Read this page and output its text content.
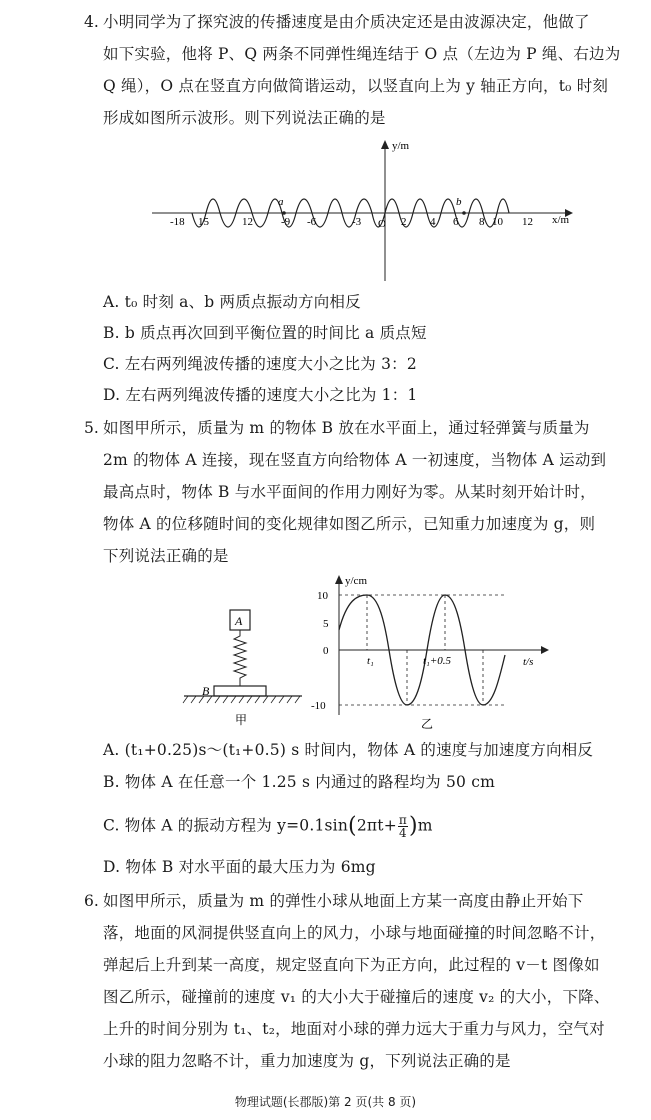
4. 小明同学为了探究波的传播速度是由介质决定还是由波源决定，他做了
如下实验，他将 P、Q 两条不同弹性绳连结于 O 点（左边为 P 绳、右边为
Q 绳），O 点在竖直方向做简谐运动，以竖直向上为 y 轴正方向，t₀ 时刻
形成如图所示波形。则下列说法正确的是
y/m
x/m
a	b
O
-18 15	12	-9 -6	-3	2 4 6 8 10 12
A. t₀ 时刻 a、b 两质点振动方向相反
B. b 质点再次回到平衡位置的时间比 a 质点短
C. 左右两列绳波传播的速度大小之比为 3：2
D. 左右两列绳波传播的速度大小之比为 1：1
5. 如图甲所示，质量为 m 的物体 B 放在水平面上，通过轻弹簧与质量为
2m 的物体 A 连接，现在竖直方向给物体 A 一初速度，当物体 A 运动到
最高点时，物体 B 与水平面间的作用力刚好为零。从某时刻开始计时，
物体 A 的位移随时间的变化规律如图乙所示，已知重力加速度为 g，则
下列说法正确的是
A
B
甲
y/cm
t/s
10
5
0
-10
t₁	t₁+0.5
乙
A. (t₁+0.25)s～(t₁+0.5) s 时间内，物体 A 的速度与加速度方向相反
B. 物体 A 在任意一个 1.25 s 内通过的路程均为 50 cm
C. 物体 A 的振动方程为 $y=0.1\sin(2\pi t+ \frac{\pi}{4} )m$
D. 物体 B 对水平面的最大压力为 6mg
6. 如图甲所示，质量为 m 的弹性小球从地面上方某一高度由静止开始下
落，地面的风洞提供竖直向上的风力，小球与地面碰撞的时间忽略不计，
弹起后上升到某一高度，规定竖直向下为正方向，此过程的 v－t 图像如
图乙所示，碰撞前的速度 v₁ 的大小大于碰撞后的速度 v₂ 的大小，下降、
上升的时间分别为 t₁、t₂，地面对小球的弹力远大于重力与风力，空气对
小球的阻力忽略不计，重力加速度为 g，下列说法正确的是
物理试题(长郡版)第 2 页(共 8 页)
